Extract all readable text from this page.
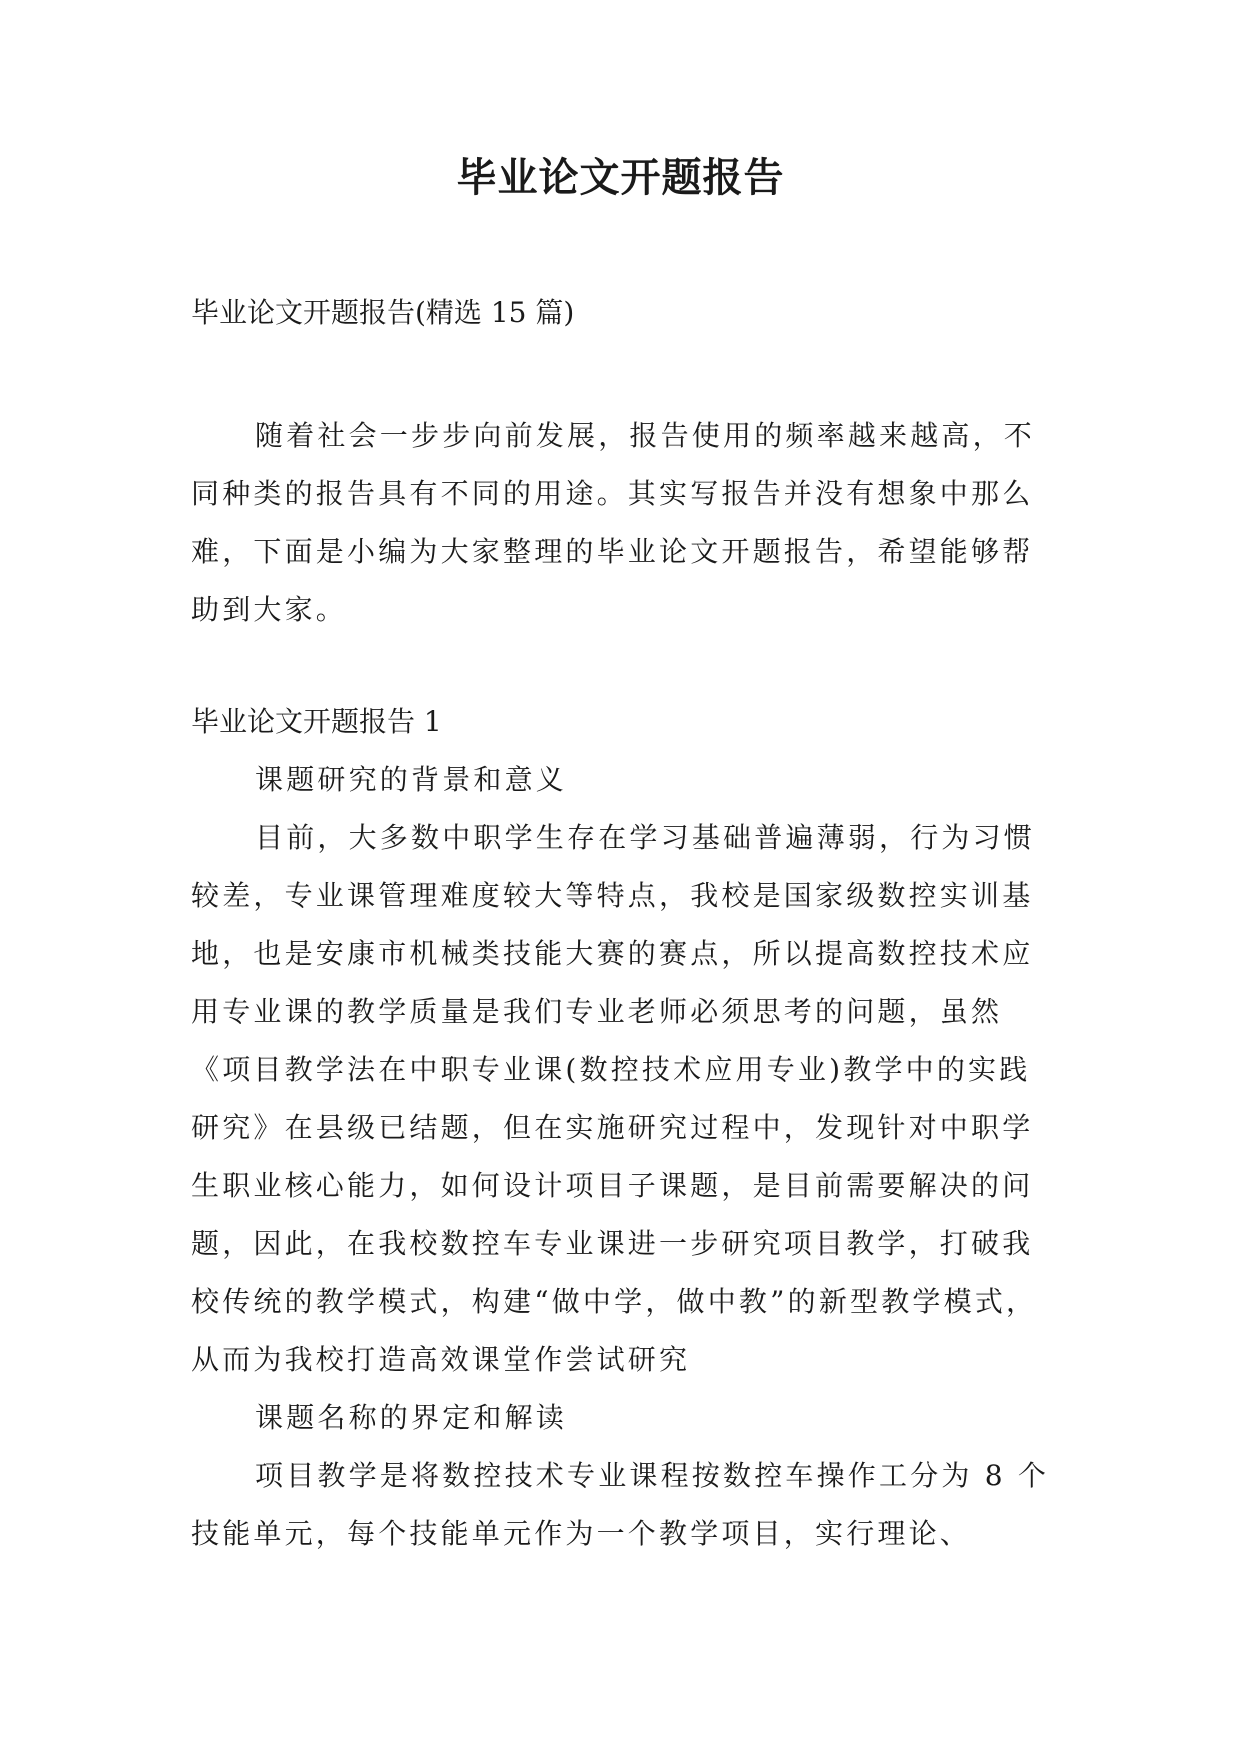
毕业论文开题报告

毕业论文开题报告(精选 15 篇)

随着社会一步步向前发展，报告使用的频率越来越高，不同种类的报告具有不同的用途。其实写报告并没有想象中那么难，下面是小编为大家整理的毕业论文开题报告，希望能够帮助到大家。

毕业论文开题报告 1

课题研究的背景和意义

目前，大多数中职学生存在学习基础普遍薄弱，行为习惯较差，专业课管理难度较大等特点，我校是国家级数控实训基地，也是安康市机械类技能大赛的赛点，所以提高数控技术应用专业课的教学质量是我们专业老师必须思考的问题，虽然《项目教学法在中职专业课(数控技术应用专业)教学中的实践研究》在县级已结题，但在实施研究过程中，发现针对中职学生职业核心能力，如何设计项目子课题，是目前需要解决的问题，因此，在我校数控车专业课进一步研究项目教学，打破我校传统的教学模式，构建“做中学，做中教”的新型教学模式，从而为我校打造高效课堂作尝试研究

课题名称的界定和解读

项目教学是将数控技术专业课程按数控车操作工分为 8 个技能单元，每个技能单元作为一个教学项目，实行理论、
